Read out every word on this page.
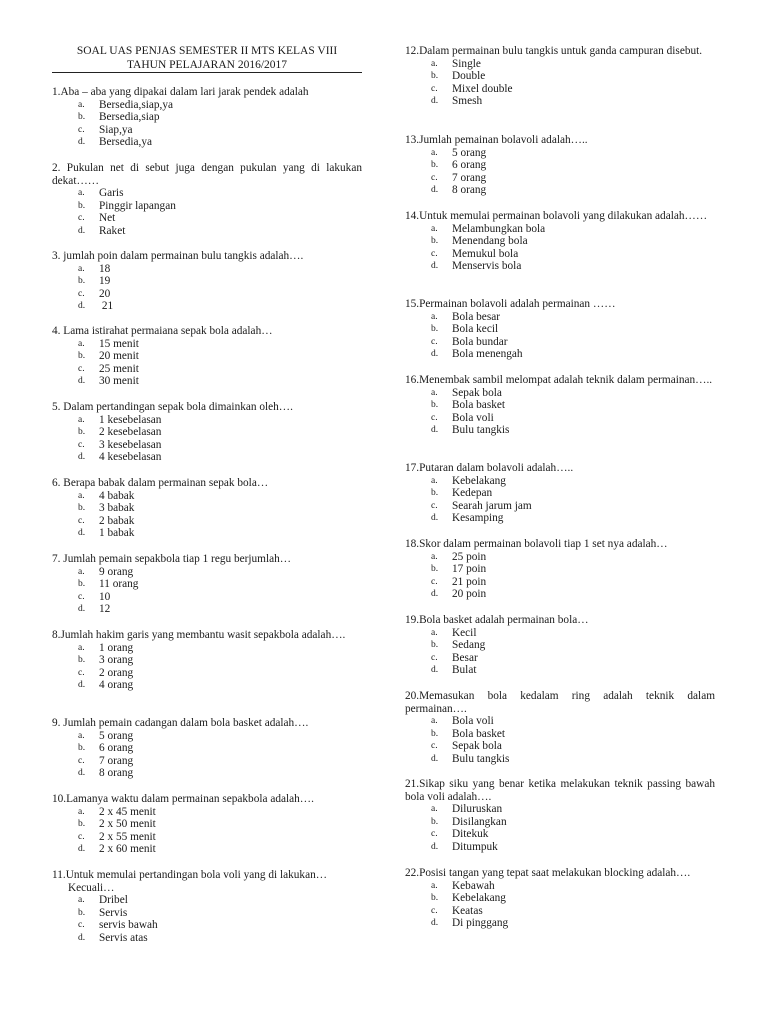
SOAL UAS PENJAS SEMESTER II MTS KELAS VIII
TAHUN PELAJARAN 2016/2017
1.Aba – aba yang dipakai dalam lari jarak pendek adalah
a. Bersedia,siap,ya
b. Bersedia,siap
c. Siap,ya
d. Bersedia,ya
2. Pukulan net di sebut juga dengan pukulan yang di lakukan dekat……
a. Garis
b. Pinggir lapangan
c. Net
d. Raket
3. jumlah poin dalam permainan bulu tangkis adalah….
a. 18
b. 19
c. 20
d. 21
4. Lama istirahat permaiana sepak bola adalah…
a. 15 menit
b. 20 menit
c. 25 menit
d. 30 menit
5. Dalam pertandingan sepak bola dimainkan oleh….
a. 1 kesebelasan
b. 2 kesebelasan
c. 3 kesebelasan
d. 4 kesebelasan
6. Berapa babak dalam permainan sepak bola…
a. 4 babak
b. 3 babak
c. 2 babak
d. 1 babak
7. Jumlah pemain sepakbola tiap 1 regu berjumlah…
a. 9 orang
b. 11 orang
c. 10
d. 12
8.Jumlah hakim garis yang membantu wasit sepakbola adalah….
a. 1 orang
b. 3 orang
c. 2 orang
d. 4 orang
9. Jumlah pemain cadangan dalam bola basket adalah….
a. 5 orang
b. 6 orang
c. 7 orang
d. 8 orang
10.Lamanya waktu dalam permainan sepakbola adalah….
a. 2 x 45 menit
b. 2 x 50 menit
c. 2 x 55 menit
d. 2 x 60 menit
11.Untuk memulai pertandingan bola voli yang di lakukan…
Kecuali…
a. Dribel
b. Servis
c. servis bawah
d. Servis atas
12.Dalam permainan bulu tangkis untuk ganda campuran disebut.
a. Single
b. Double
c. Mixel double
d. Smesh
13.Jumlah pemainan bolavoli adalah…..
a. 5 orang
b. 6 orang
c. 7 orang
d. 8 orang
14.Untuk memulai permainan bolavoli yang dilakukan adalah……
a. Melambungkan bola
b. Menendang bola
c. Memukul bola
d. Menservis bola
15.Permainan bolavoli adalah permainan ……
a. Bola besar
b. Bola kecil
c. Bola bundar
d. Bola menengah
16.Menembak sambil melompat adalah teknik dalam permainan…..
a. Sepak bola
b. Bola basket
c. Bola voli
d. Bulu tangkis
17.Putaran dalam bolavoli adalah…..
a. Kebelakang
b. Kedepan
c. Searah jarum jam
d. Kesamping
18.Skor dalam permainan bolavoli tiap 1 set nya adalah…
a. 25 poin
b. 17 poin
c. 21 poin
d. 20 poin
19.Bola basket adalah permainan bola…
a. Kecil
b. Sedang
c. Besar
d. Bulat
20.Memasukan bola kedalam ring adalah teknik dalam permainan….
a. Bola voli
b. Bola basket
c. Sepak bola
d. Bulu tangkis
21.Sikap siku yang benar ketika melakukan teknik passing bawah bola voli adalah….
a. Diluruskan
b. Disilangkan
c. Ditekuk
d. Ditumpuk
22.Posisi tangan yang tepat saat melakukan blocking adalah….
a. Kebawah
b. Kebelakang
c. Keatas
d. Di pinggang
